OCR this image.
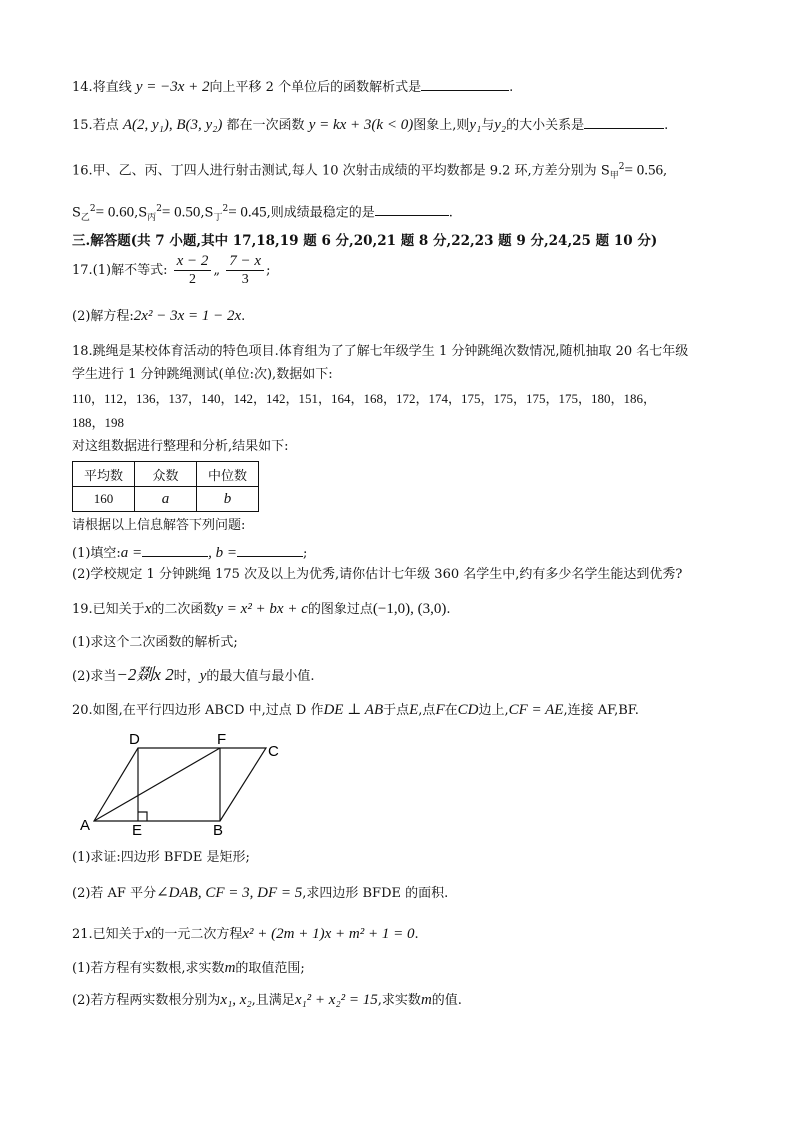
14.将直线 y = −3x + 2向上平移 2 个单位后的函数解析式是	.
15.若点 A(2, y₁), B(3, y₂) 都在一次函数 y = kx + 3(k < 0)图象上,则y₁与y₂的大小关系是	.
16.甲、乙、丙、丁四人进行射击测试,每人 10 次射击成绩的平均数都是 9.2 环,方差分别为 $S_甲^2= 0.56$,
$S_乙^2= 0.60,S_丙^2= 0.50,S_丁^2= 0.45$,则成绩最稳定的是	.
三.解答题(共 7 小题,其中 17,18,19 题 6 分,20,21 题 8 分,22,23 题 9 分,24,25 题 10 分)
17.(1)解不等式: $\frac{x - 2}{2}$ „ $\frac{7 - x}{3}$ ;
(2)解方程:2x² − 3x = 1 − 2x.
18.跳绳是某校体育活动的特色项目.体育组为了了解七年级学生 1 分钟跳绳次数情况,随机抽取 20 名七年级
学生进行 1 分钟跳绳测试(单位:次),数据如下:
110，112，136，137，140，142，142，151，164，168，172，174，175，175，175，175，180，186，
188，198
对这组数据进行整理和分析,结果如下:
平均数	众数	中位数
160	a	b
请根据以上信息解答下列问题:
(1)填空:a =	, b =	;
(2)学校规定 1 分钟跳绳 175 次及以上为优秀,请你估计七年级 360 名学生中,约有多少名学生能达到优秀?
19.已知关于x的二次函数y = x² + bx + c的图象过点(−1,0), (3,0).
(1)求这个二次函数的解析式;
(2)求当−2剟x 2时，y的最大值与最小值.
20.如图,在平行四边形 ABCD 中,过点 D 作DE ⊥ AB于点E,点F在CD边上,CF = AE,连接 AF,BF.
A	B
C
D
E
F
(1)求证:四边形 BFDE 是矩形;
(2)若 AF 平分∠DAB, CF = 3, DF = 5,求四边形 BFDE 的面积.
21.已知关于x的一元二次方程x² + (2m + 1)x + m² + 1 = 0.
(1)若方程有实数根,求实数m的取值范围;
(2)若方程两实数根分别为x₁, x₂,且满足x₁² + x₂² = 15,求实数m的值.
